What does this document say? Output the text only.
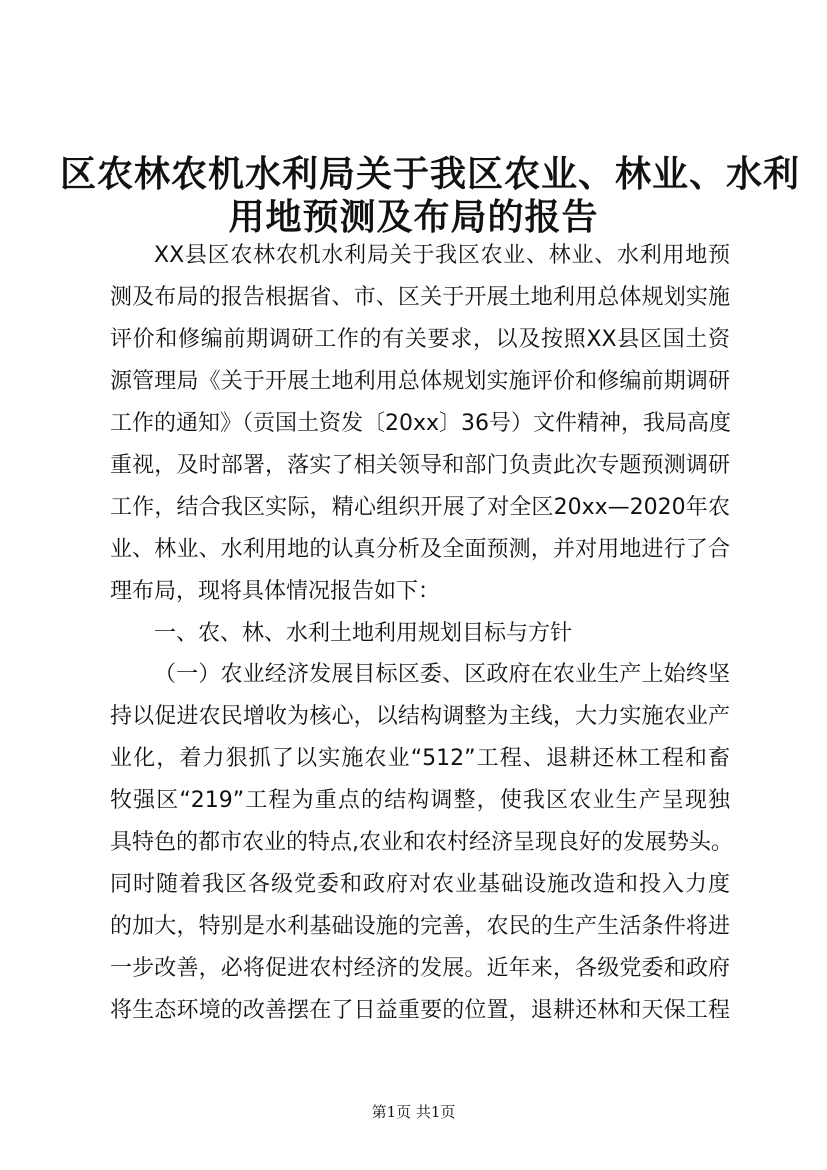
区农林农机水利局关于我区农业、林业、水利
用地预测及布局的报告
XX县区农林农机水利局关于我区农业、林业、水利用地预
测及布局的报告根据省、市、区关于开展土地利用总体规划实施
评价和修编前期调研工作的有关要求，以及按照XX县区国土资
源管理局《关于开展土地利用总体规划实施评价和修编前期调研
工作的通知》（贡国土资发〔20xx〕36号）文件精神，我局高度
重视，及时部署，落实了相关领导和部门负责此次专题预测调研
工作，结合我区实际，精心组织开展了对全区20xx—2020年农
业、林业、水利用地的认真分析及全面预测，并对用地进行了合
理布局，现将具体情况报告如下：
一、农、林、水利土地利用规划目标与方针
（一）农业经济发展目标区委、区政府在农业生产上始终坚
持以促进农民增收为核心，以结构调整为主线，大力实施农业产
业化，着力狠抓了以实施农业“512”工程、退耕还林工程和畜
牧强区“219”工程为重点的结构调整，使我区农业生产呈现独
具特色的都市农业的特点,农业和农村经济呈现良好的发展势头。
同时随着我区各级党委和政府对农业基础设施改造和投入力度
的加大，特别是水利基础设施的完善，农民的生产生活条件将进
一步改善，必将促进农村经济的发展。近年来，各级党委和政府
将生态环境的改善摆在了日益重要的位置，退耕还林和天保工程
第1页 共1页
